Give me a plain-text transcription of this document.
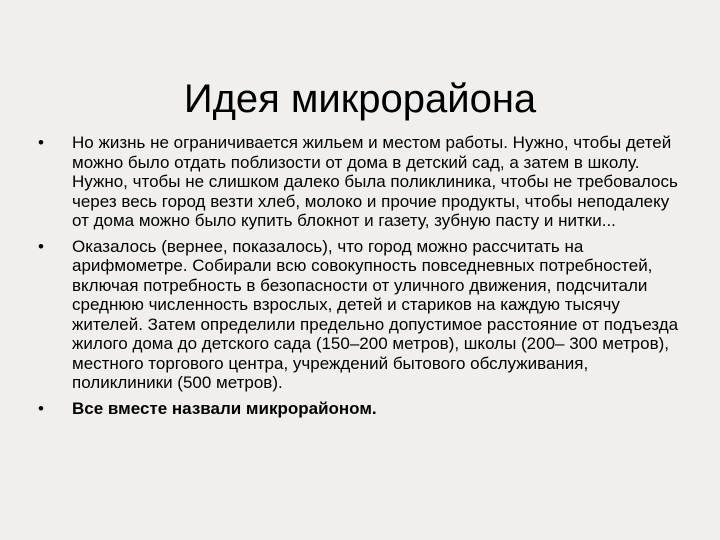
Идея микрорайона
• Но жизнь не ограничивается жильем и местом работы. Нужно, чтобы детей можно было отдать поблизости от дома в детский сад, а затем в школу. Нужно, чтобы не слишком далеко была поликлиника, чтобы не требовалось через весь город везти хлеб, молоко и прочие продукты, чтобы неподалеку от дома можно было купить блокнот и газету, зубную пасту и нитки...
• Оказалось (вернее, показалось), что город можно рассчитать на арифмометре. Собирали всю совокупность повседневных потребностей, включая потребность в безопасности от уличного движения, подсчитали среднюю численность взрослых, детей и стариков на каждую тысячу жителей. Затем определили предельно допустимое расстояние от подъезда жилого дома до детского сада (150–200 метров), школы (200– 300 метров), местного торгового центра, учреждений бытового обслуживания, поликлиники (500 метров).
• Все вместе назвали микрорайоном.
